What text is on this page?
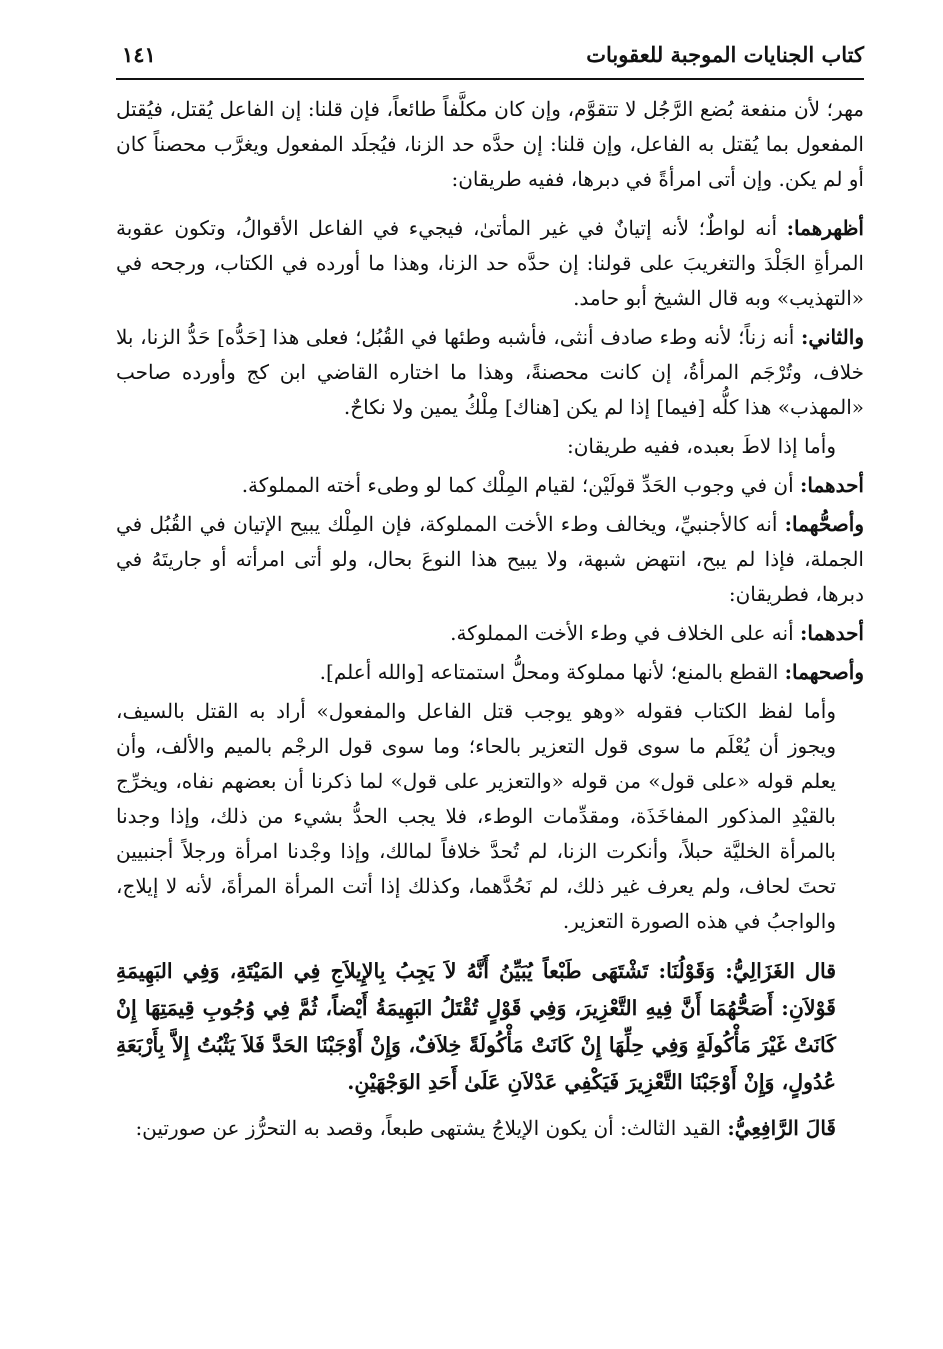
كتاب الجنايات الموجبة للعقوبات
١٤١

مهر؛ لأن منفعة بُضع الرَّجُل لا تتقوَّم، وإن كان مكلَّفاً طائعاً، فإن قلنا: إن الفاعل يُقتل، فيُقتل المفعول بما يُقتل به الفاعل، وإن قلنا: إن حدَّه حد الزنا، فيُجلَد المفعول ويغرَّب محصناً كان أو لم يكن. وإن أتى امرأةً في دبرها، ففيه طريقان:

أظهرهما: أنه لواطٌ؛ لأنه إتيانٌ في غير المأتىٰ، فيجيء في الفاعل الأقوالُ، وتكون عقوبة المرأةِ الجَلْدَ والتغريبَ على قولنا: إن حدَّه حد الزنا، وهذا ما أورده في الكتاب، ورجحه في «التهذيب» وبه قال الشيخ أبو حامد.

والثاني: أنه زناً؛ لأنه وطء صادف أنثى، فأشبه وطئها في القُبُل؛ فعلى هذا [حَدُّه] حَدُّ الزنا، بلا خلاف، وتُرْجَم المرأةُ، إن كانت محصنةً، وهذا ما اختاره القاضي ابن كج وأورده صاحب «المهذب» هذا كلُّه [فيما] إذا لم يكن [هناك] مِلْكُ يمين ولا نكاحٌ.

وأما إذا لاطَ بعبده، ففيه طريقان:

أحدهما: أن في وجوب الحَدِّ قولَيْن؛ لقيام المِلْك كما لو وطىء أخته المملوكة.

وأصحُّهما: أنه كالأجنبيِّ، ويخالف وطء الأخت المملوكة، فإن المِلْك يبيح الإتيان في القُبُل في الجملة، فإذا لم يبح، انتهض شبهة، ولا يبيح هذا النوعَ بحال، ولو أتى امرأته أو جاريتَهُ في دبرها، فطريقان:

أحدهما: أنه على الخلاف في وطء الأخت المملوكة.

وأصحهما: القطع بالمنع؛ لأنها مملوكة ومحلُّ استمتاعه [والله أعلم].

وأما لفظ الكتاب فقوله «وهو يوجب قتل الفاعل والمفعول» أراد به القتل بالسيف، ويجوز أن يُعْلَم ما سوى قول التعزير بالحاء؛ وما سوى قول الرجْم بالميم والألف، وأن يعلم قوله «على قول» من قوله «والتعزير على قول» لما ذكرنا أن بعضهم نفاه، ويخرِّج بالقيْدِ المذكور المفاخَذَة، ومقدِّمات الوطء، فلا يجب الحدُّ بشيء من ذلك، وإذا وجدنا بالمرأة الخليَّة حبلاً، وأنكرت الزنا، لم تُحدَّ خلافاً لمالك، وإذا وجْدنا امرأة ورجلاً أجنبيين تحتَ لحاف، ولم يعرف غير ذلك، لم نَحُدَّهما، وكذلك إذا أتت المرأة المرأةَ، لأنه لا إيلاج، والواجبُ في هذه الصورة التعزير.

قال الغَزَالِيُّ: وَقَوْلُنَا: تَشْتَهَى طَبْعاً يُبَيِّنُ أَنَّهُ لاَ يَجِبُ بِالإِيلاَجِ فِي المَيْتَةِ، وَفِي البَهِيمَةِ قَوْلاَنِ: أَصَحُّهُمَا أَنَّ فِيهِ التَّعْزِيرَ، وَفِي قَوْلٍ تُقْتَلُ البَهِيمَةُ أَيْضاً، ثُمَّ فِي وُجُوبِ قِيمَتِهَا إِنْ كَانَتْ غَيْرَ مَأْكُولَةٍ وَفِي حِلِّهَا إِنْ كَانَتْ مَأْكُولَةً خِلاَفٌ، وَإِنْ أَوْجَبْنَا الحَدَّ فَلاَ يَثْبُتُ إِلاَّ بِأَرْبَعَةِ عُدُولٍ، وَإِنْ أَوْجَبْنَا التَّعْزِيرَ فَيَكْفِي عَدْلاَنِ عَلَىٰ أَحَدِ الوَجْهَيْنِ.

قَالَ الرَّافِعِيُّ: القيد الثالث: أن يكون الإيلاجُ يشتهى طبعاً، وقصد به التحرُّز عن صورتين:
